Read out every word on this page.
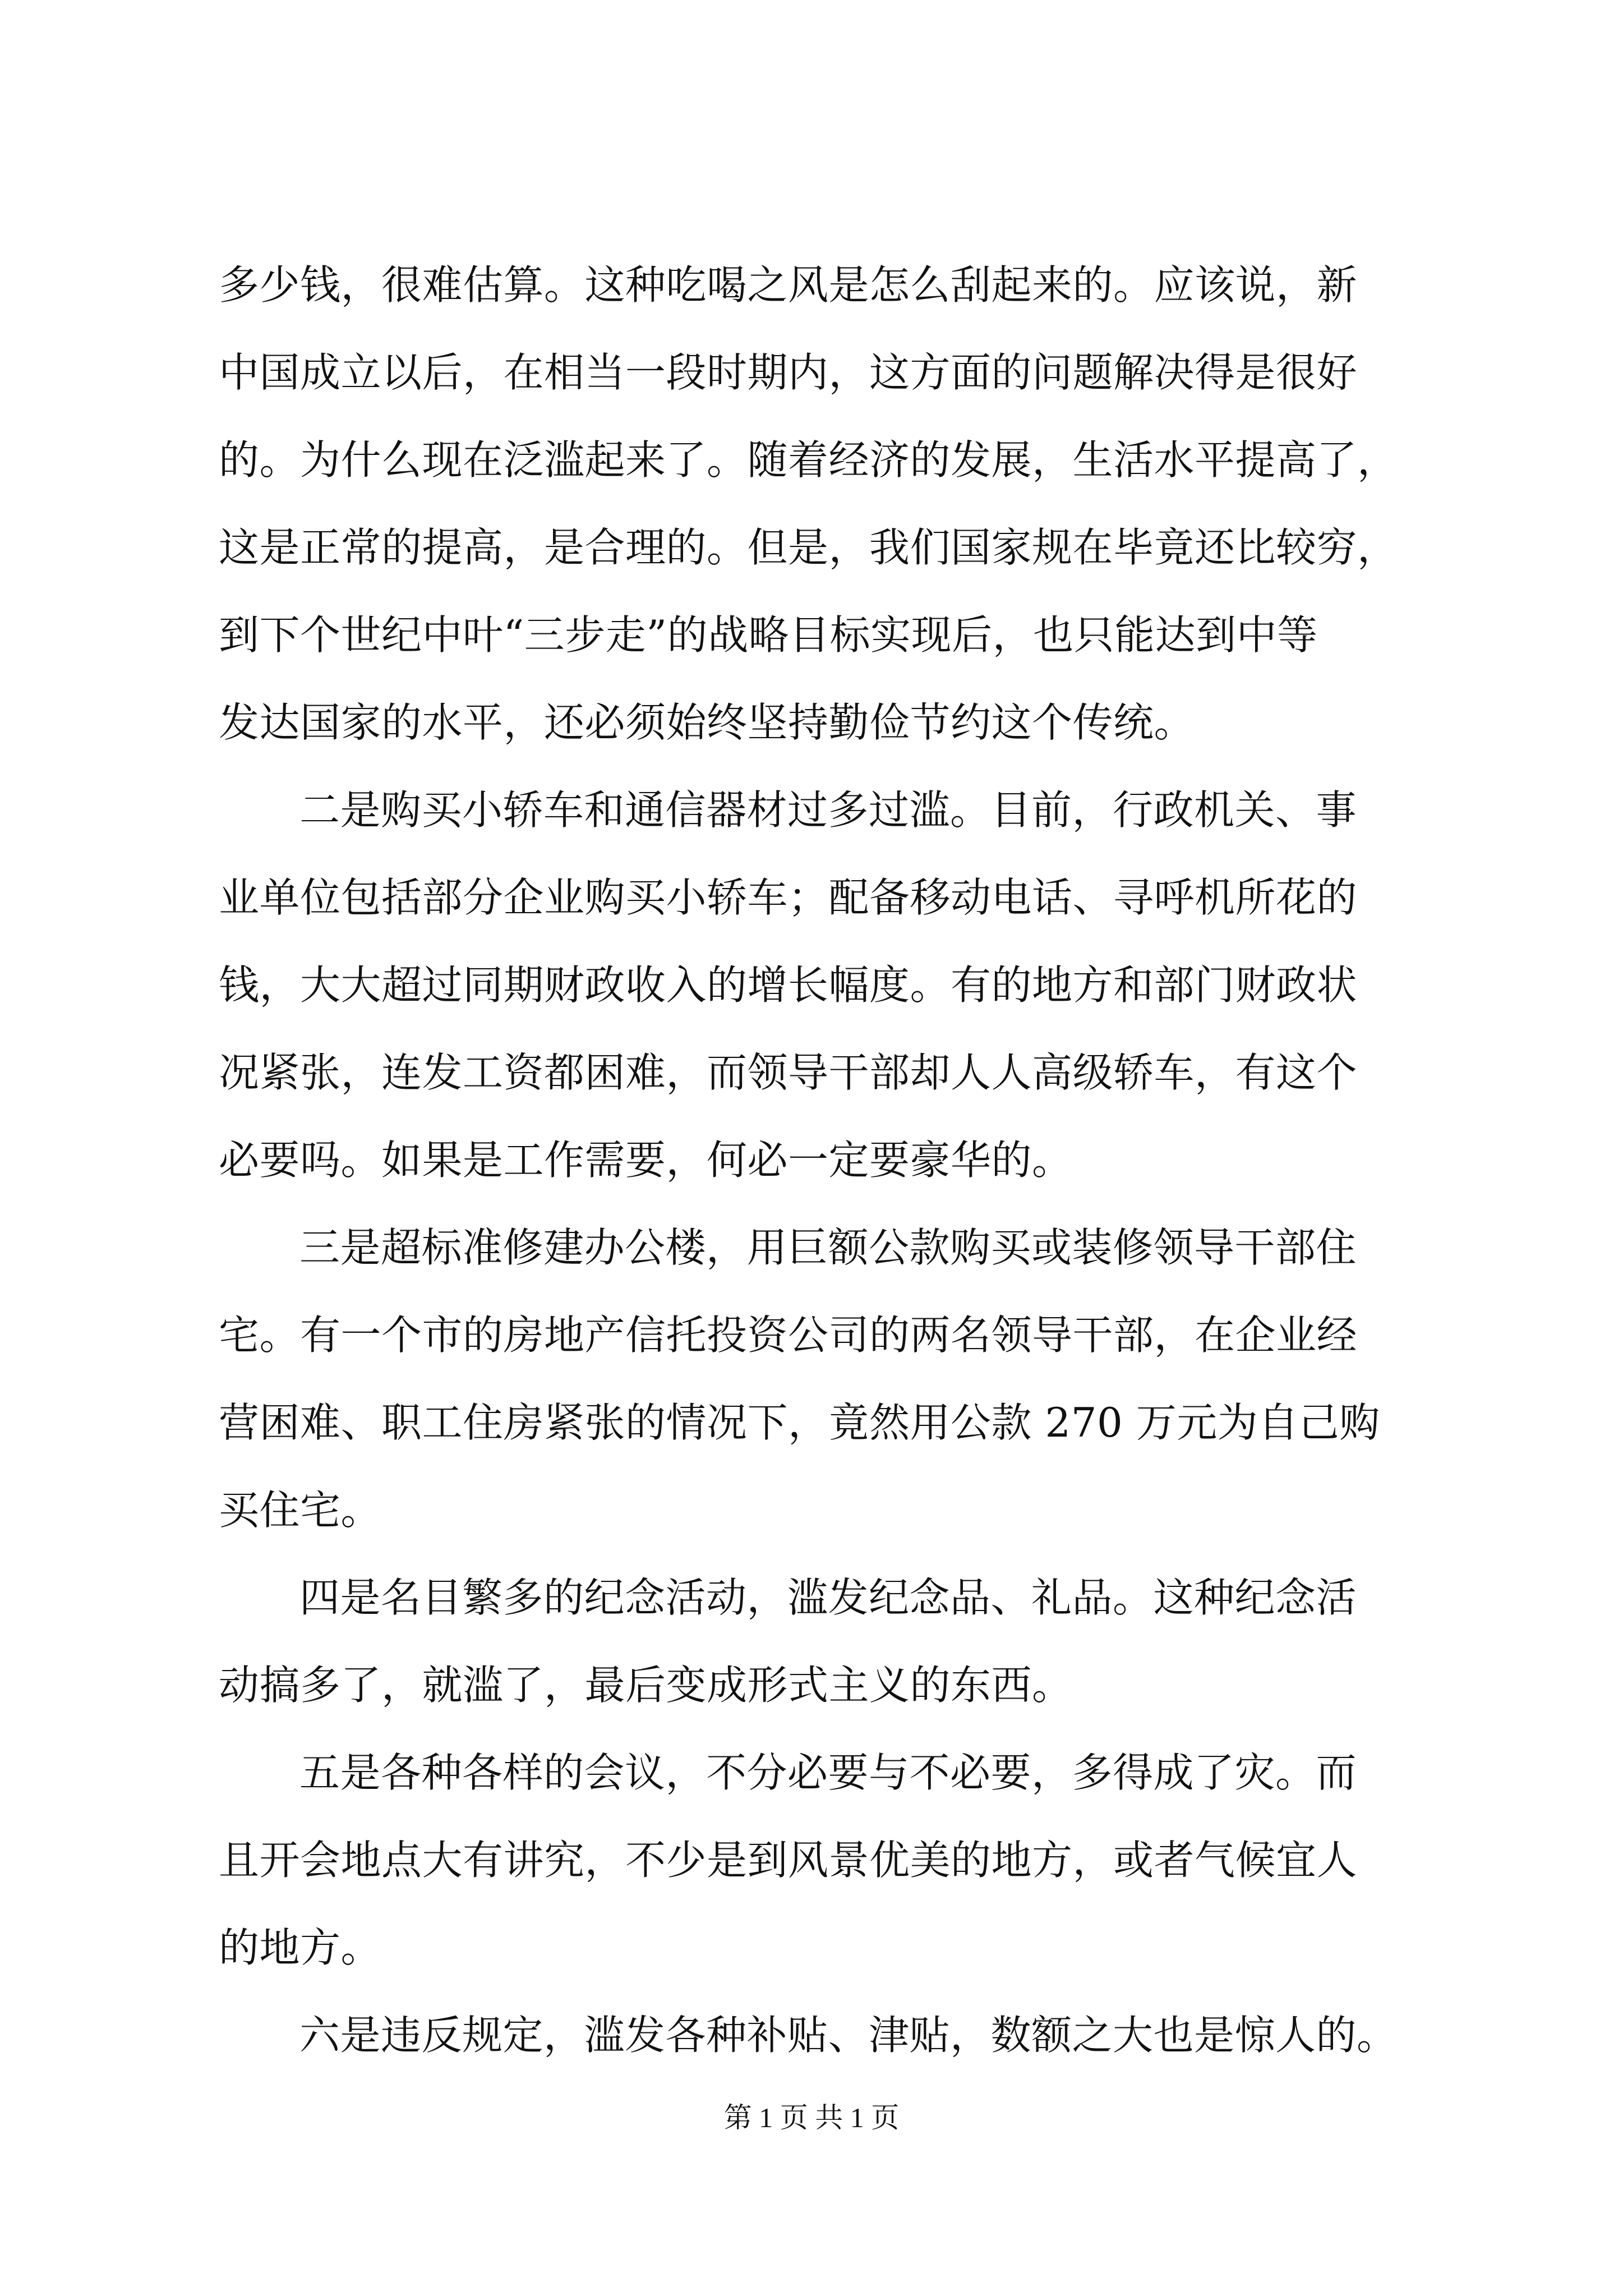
多少钱，很难估算。这种吃喝之风是怎么刮起来的。应该说，新
中国成立以后，在相当一段时期内，这方面的问题解决得是很好
的。为什么现在泛滥起来了。随着经济的发展，生活水平提高了，
这是正常的提高，是合理的。但是，我们国家规在毕竟还比较穷，
到下个世纪中叶“三步走”的战略目标实现后，也只能达到中等
发达国家的水平，还必须始终坚持勤俭节约这个传统。
二是购买小轿车和通信器材过多过滥。目前，行政机关、事
业单位包括部分企业购买小轿车；配备移动电话、寻呼机所花的
钱，大大超过同期财政收入的增长幅度。有的地方和部门财政状
况紧张，连发工资都困难，而领导干部却人人高级轿车，有这个
必要吗。如果是工作需要，何必一定要豪华的。
三是超标准修建办公楼，用巨额公款购买或装修领导干部住
宅。有一个市的房地产信托投资公司的两名领导干部，在企业经
营困难、职工住房紧张的情况下，竟然用公款 270 万元为自己购
买住宅。
四是名目繁多的纪念活动，滥发纪念品、礼品。这种纪念活
动搞多了，就滥了，最后变成形式主义的东西。
五是各种各样的会议，不分必要与不必要，多得成了灾。而
且开会地点大有讲究，不少是到风景优美的地方，或者气候宜人
的地方。
六是违反规定，滥发各种补贴、津贴，数额之大也是惊人的。
第 1 页 共 1 页
